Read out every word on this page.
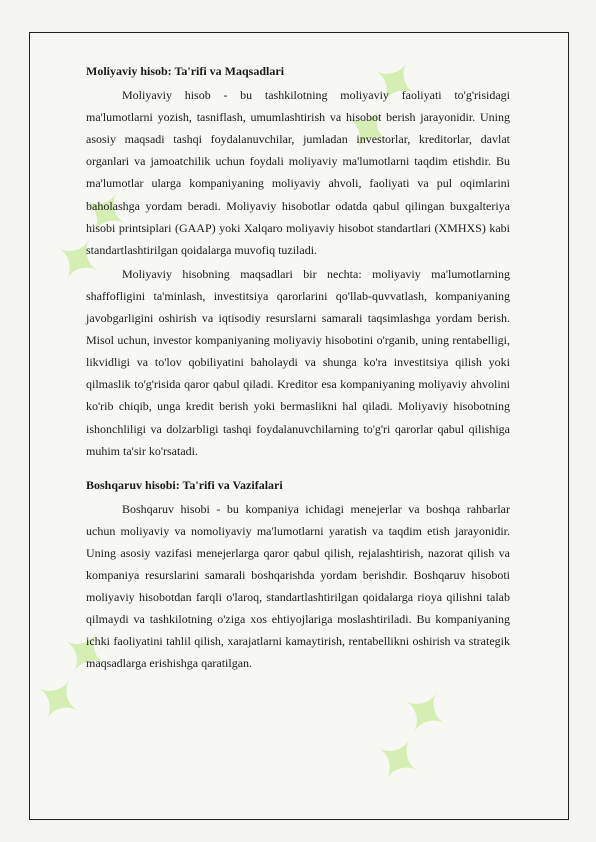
✦✦
✦✦
✦✦	✦✦

Moliyaviy hisob: Ta'rifi va Maqsadlari

Moliyaviy hisob - bu tashkilotning moliyaviy faoliyati to'g'risidagi ma'lumotlarni yozish, tasniflash, umumlashtirish va hisobot berish jarayonidir. Uning asosiy maqsadi tashqi foydalanuvchilar, jumladan investorlar, kreditorlar, davlat organlari va jamoatchilik uchun foydali moliyaviy ma'lumotlarni taqdim etishdir. Bu ma'lumotlar ularga kompaniyaning moliyaviy ahvoli, faoliyati va pul oqimlarini baholashga yordam beradi. Moliyaviy hisobotlar odatda qabul qilingan buxgalteriya hisobi printsiplari (GAAP) yoki Xalqaro moliyaviy hisobot standartlari (XMHXS) kabi standartlashtirilgan qoidalarga muvofiq tuziladi.

Moliyaviy hisobning maqsadlari bir nechta: moliyaviy ma'lumotlarning shaffofligini ta'minlash, investitsiya qarorlarini qo'llab-quvvatlash, kompaniyaning javobgarligini oshirish va iqtisodiy resurslarni samarali taqsimlashga yordam berish. Misol uchun, investor kompaniyaning moliyaviy hisobotini o'rganib, uning rentabelligi, likvidligi va to'lov qobiliyatini baholaydi va shunga ko'ra investitsiya qilish yoki qilmaslik to'g'risida qaror qabul qiladi. Kreditor esa kompaniyaning moliyaviy ahvolini ko'rib chiqib, unga kredit berish yoki bermaslikni hal qiladi. Moliyaviy hisobotning ishonchliligi va dolzarbligi tashqi foydalanuvchilarning to'g'ri qarorlar qabul qilishiga muhim ta'sir ko'rsatadi.

Boshqaruv hisobi: Ta'rifi va Vazifalari

Boshqaruv hisobi - bu kompaniya ichidagi menejerlar va boshqa rahbarlar uchun moliyaviy va nomoliyaviy ma'lumotlarni yaratish va taqdim etish jarayonidir. Uning asosiy vazifasi menejerlarga qaror qabul qilish, rejalashtirish, nazorat qilish va kompaniya resurslarini samarali boshqarishda yordam berishdir. Boshqaruv hisoboti moliyaviy hisobotdan farqli o'laroq, standartlashtirilgan qoidalarga rioya qilishni talab qilmaydi va tashkilotning o'ziga xos ehtiyojlariga moslashtiriladi. Bu kompaniyaning ichki faoliyatini tahlil qilish, xarajatlarni kamaytirish, rentabellikni oshirish va strategik maqsadlarga erishishga qaratilgan.
